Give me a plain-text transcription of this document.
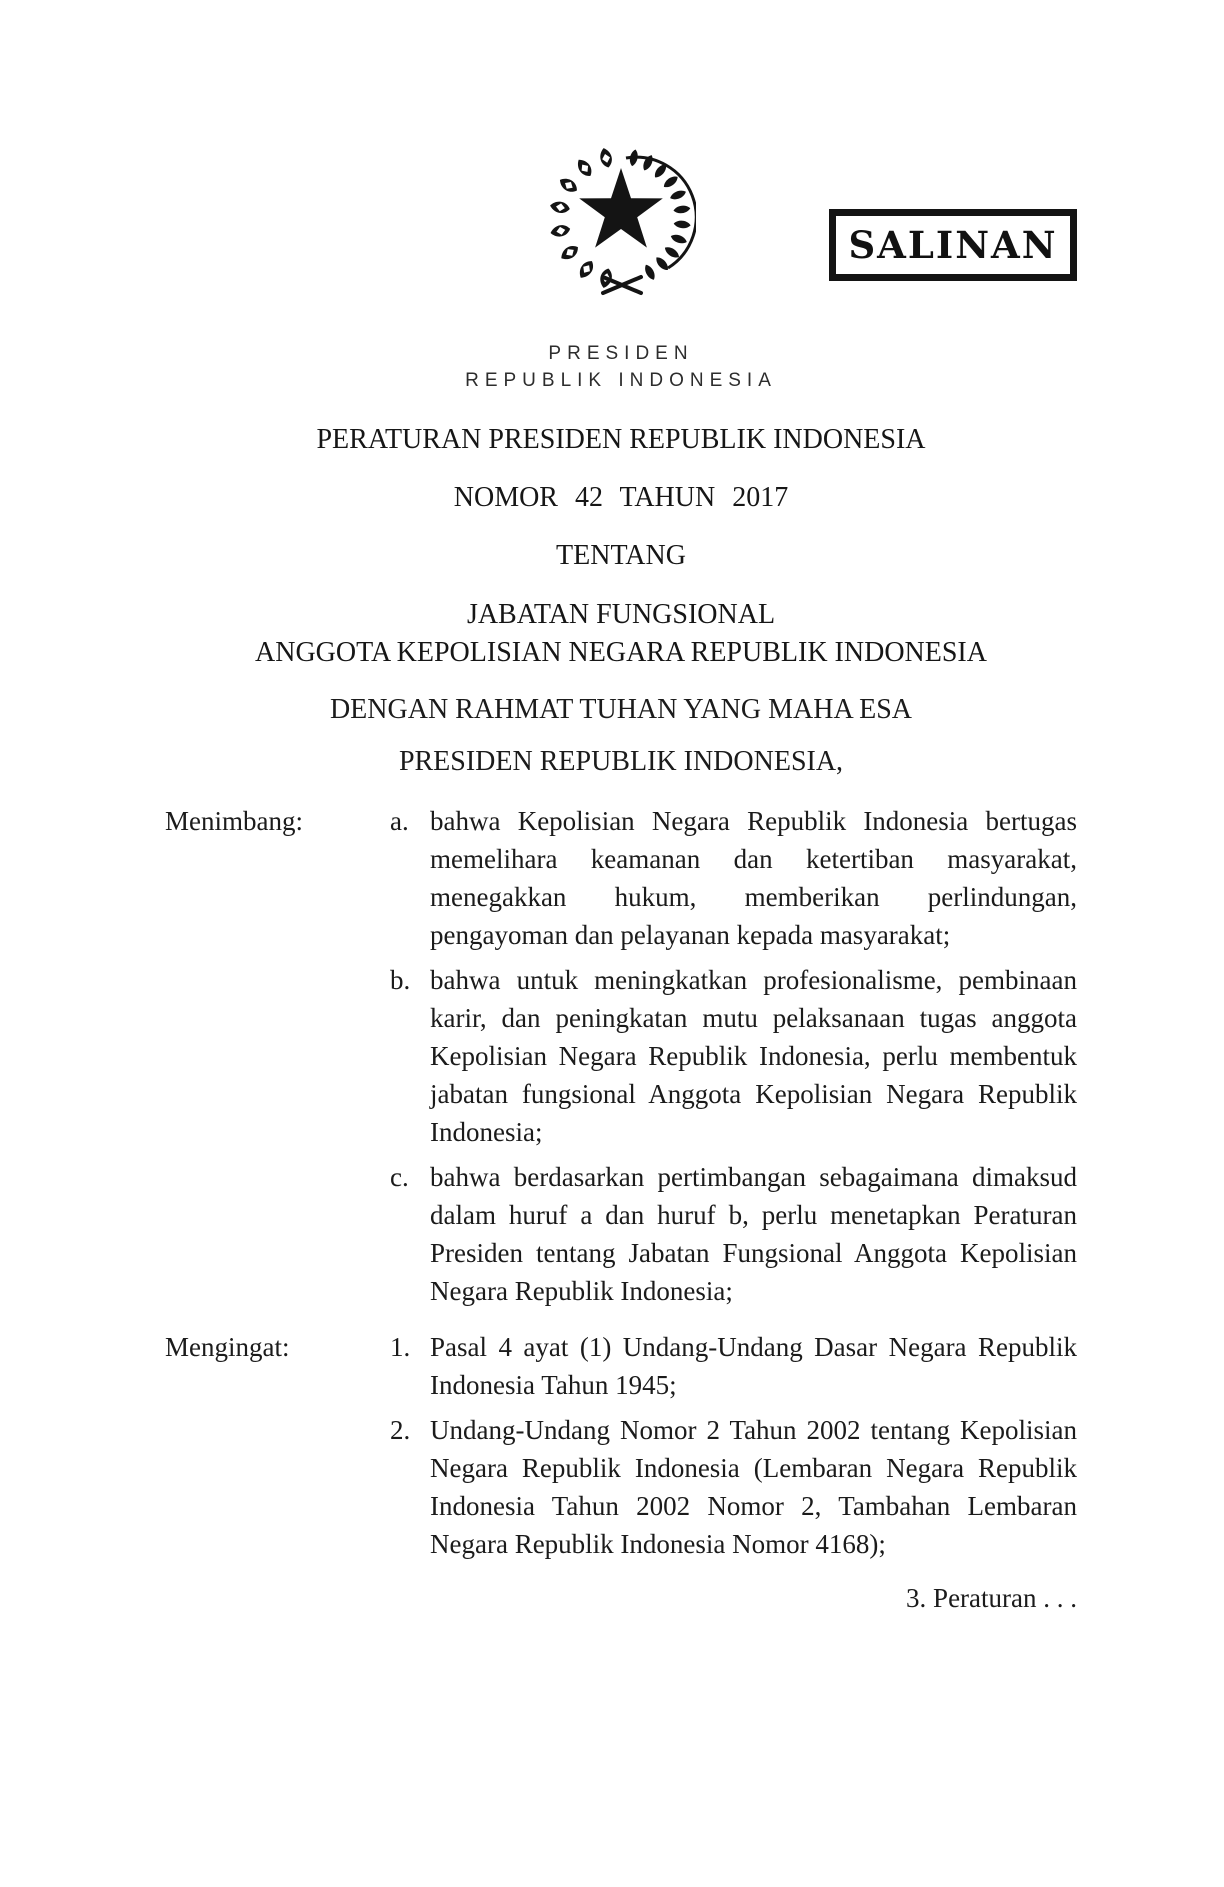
SALINAN
PRESIDEN
REPUBLIK INDONESIA
PERATURAN PRESIDEN REPUBLIK INDONESIA
NOMOR 42 TAHUN 2017
TENTANG
JABATAN FUNGSIONAL
ANGGOTA KEPOLISIAN NEGARA REPUBLIK INDONESIA
DENGAN RAHMAT TUHAN YANG MAHA ESA
PRESIDEN REPUBLIK INDONESIA,
Menimbang:	a. bahwa Kepolisian Negara Republik Indonesia bertugas memelihara keamanan dan ketertiban masyarakat, menegakkan hukum, memberikan perlindungan, pengayoman dan pelayanan kepada masyarakat;
b. bahwa untuk meningkatkan profesionalisme, pembinaan karir, dan peningkatan mutu pelaksanaan tugas anggota Kepolisian Negara Republik Indonesia, perlu membentuk jabatan fungsional Anggota Kepolisian Negara Republik Indonesia;
c. bahwa berdasarkan pertimbangan sebagaimana dimaksud dalam huruf a dan huruf b, perlu menetapkan Peraturan Presiden tentang Jabatan Fungsional Anggota Kepolisian Negara Republik Indonesia;
Mengingat:	1. Pasal 4 ayat (1) Undang-Undang Dasar Negara Republik Indonesia Tahun 1945;
2. Undang-Undang Nomor 2 Tahun 2002 tentang Kepolisian Negara Republik Indonesia (Lembaran Negara Republik Indonesia Tahun 2002 Nomor 2, Tambahan Lembaran Negara Republik Indonesia Nomor 4168);
3. Peraturan . . .
